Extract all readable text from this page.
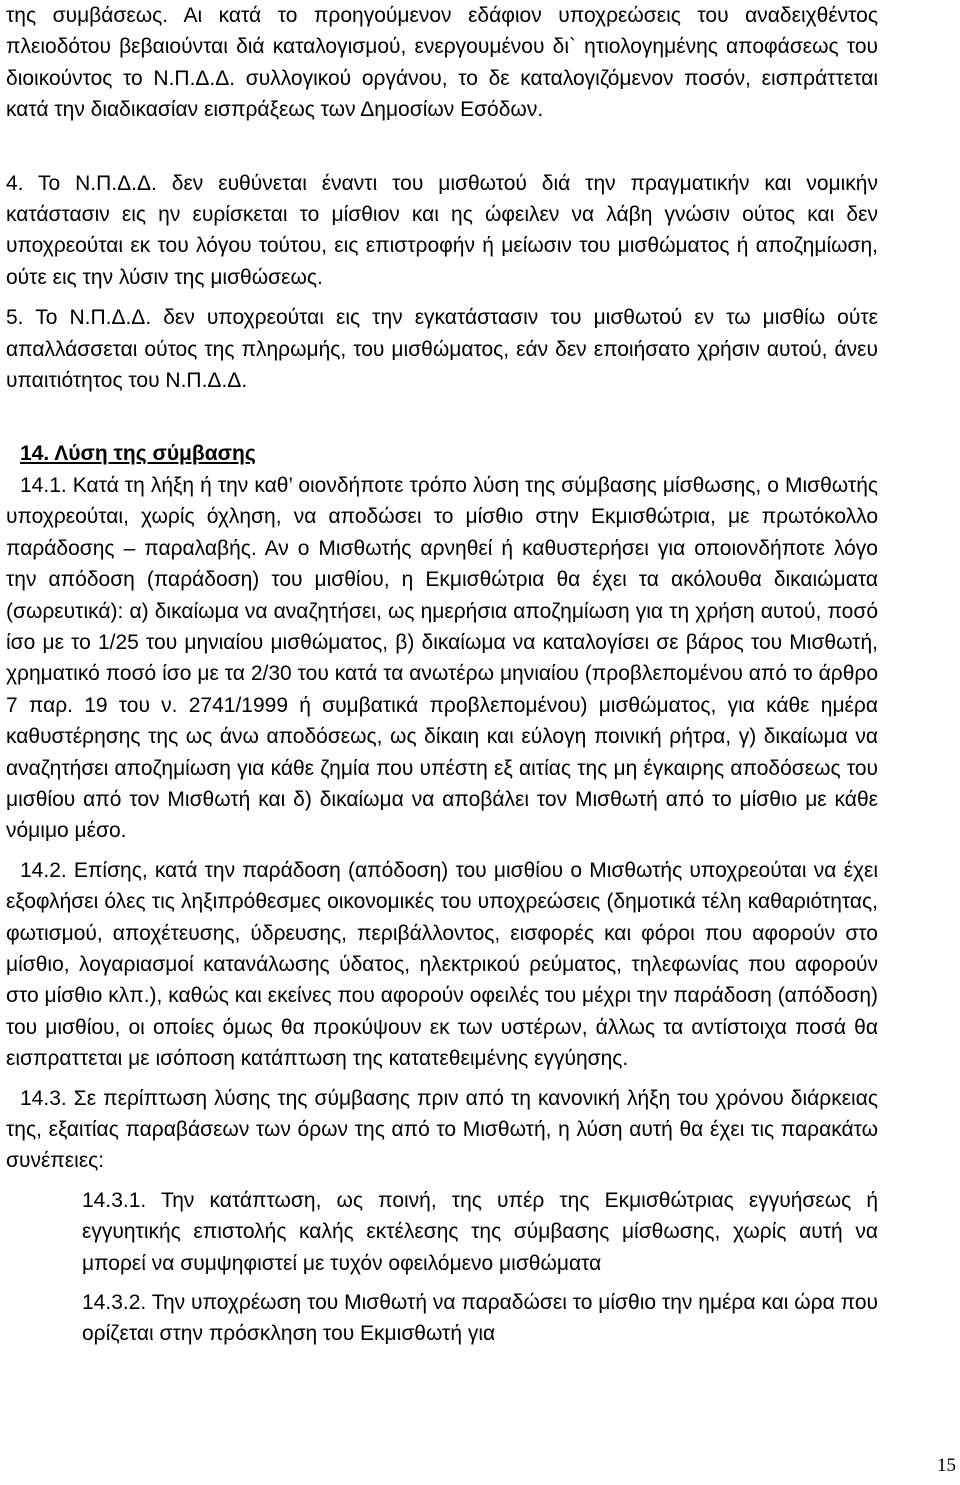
της συμβάσεως. Αι κατά το προηγούμενον εδάφιον υποχρεώσεις του αναδειχθέντος πλειοδότου βεβαιούνται διά καταλογισμού, ενεργουμένου δι` ητιολογημένης αποφάσεως του διοικούντος το Ν.Π.Δ.Δ. συλλογικού οργάνου, το δε καταλογιζόμενον ποσόν, εισπράττεται κατά την διαδικασίαν εισπράξεως των Δημοσίων Εσόδων.

4. Το Ν.Π.Δ.Δ. δεν ευθύνεται έναντι του μισθωτού διά την πραγματικήν και νομικήν κατάστασιν εις ην ευρίσκεται το μίσθιον και ης ώφειλεν να λάβη γνώσιν ούτος και δεν υποχρεούται εκ του λόγου τούτου, εις επιστροφήν ή μείωσιν του μισθώματος ή αποζημίωση, ούτε εις την λύσιν της μισθώσεως.

5. Το Ν.Π.Δ.Δ. δεν υποχρεούται εις την εγκατάστασιν του μισθωτού εν τω μισθίω ούτε απαλλάσσεται ούτος της πληρωμής, του μισθώματος, εάν δεν εποιήσατο χρήσιν αυτού, άνευ υπαιτιότητος του Ν.Π.Δ.Δ.

14. Λύση της σύμβασης

14.1. Κατά τη λήξη ή την καθ’ οιονδήποτε τρόπο λύση της σύμβασης μίσθωσης, ο Μισθωτής υποχρεούται, χωρίς όχληση, να αποδώσει το μίσθιο στην Εκμισθώτρια, με πρωτόκολλο παράδοσης – παραλαβής. Αν ο Μισθωτής αρνηθεί ή καθυστερήσει για οποιονδήποτε λόγο την απόδοση (παράδοση) του μισθίου, η Εκμισθώτρια θα έχει τα ακόλουθα δικαιώματα (σωρευτικά): α) δικαίωμα να αναζητήσει, ως ημερήσια αποζημίωση για τη χρήση αυτού, ποσό ίσο με το 1/25 του μηνιαίου μισθώματος, β) δικαίωμα να καταλογίσει σε βάρος του Μισθωτή, χρηματικό ποσό ίσο με τα 2/30 του κατά τα ανωτέρω μηνιαίου (προβλεπομένου από το άρθρο 7 παρ. 19 του ν. 2741/1999 ή συμβατικά προβλεπομένου) μισθώματος, για κάθε ημέρα καθυστέρησης της ως άνω αποδόσεως, ως δίκαιη και εύλογη ποινική ρήτρα, γ) δικαίωμα να αναζητήσει αποζημίωση για κάθε ζημία που υπέστη εξ αιτίας της μη έγκαιρης αποδόσεως του μισθίου από τον Μισθωτή και δ) δικαίωμα να αποβάλει τον Μισθωτή από το μίσθιο με κάθε νόμιμο μέσο.

14.2. Επίσης, κατά την παράδοση (απόδοση) του μισθίου ο Μισθωτής υποχρεούται να έχει εξοφλήσει όλες τις ληξιπρόθεσμες οικονομικές του υποχρεώσεις (δημοτικά τέλη καθαριότητας, φωτισμού, αποχέτευσης, ύδρευσης, περιβάλλοντος, εισφορές και φόροι που αφορούν στο μίσθιο, λογαριασμοί κατανάλωσης ύδατος, ηλεκτρικού ρεύματος, τηλεφωνίας που αφορούν στο μίσθιο κλπ.), καθώς και εκείνες που αφορούν οφειλές του μέχρι την παράδοση (απόδοση) του μισθίου, οι οποίες όμως θα προκύψουν εκ των υστέρων, άλλως τα αντίστοιχα ποσά θα εισπραττεται με ισόποση κατάπτωση της κατατεθειμένης εγγύησης.

14.3. Σε περίπτωση λύσης της σύμβασης πριν από τη κανονική λήξη του χρόνου διάρκειας της, εξαιτίας παραβάσεων των όρων της από το Μισθωτή, η λύση αυτή θα έχει τις παρακάτω συνέπειες:

14.3.1. Την κατάπτωση, ως ποινή, της υπέρ της Εκμισθώτριας εγγυήσεως ή εγγυητικής επιστολής καλής εκτέλεσης της σύμβασης μίσθωσης, χωρίς αυτή να μπορεί να συμψηφιστεί με τυχόν οφειλόμενο μισθώματα

14.3.2. Την υποχρέωση του Μισθωτή να παραδώσει το μίσθιο την ημέρα και ώρα που ορίζεται στην πρόσκληση του Εκμισθωτή για

15
